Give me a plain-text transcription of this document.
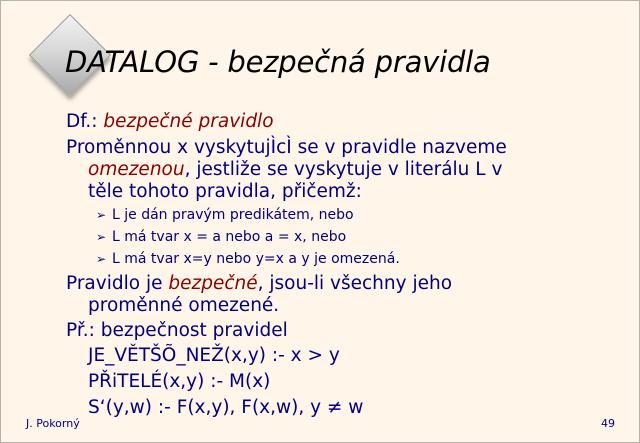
DATALOG - bezpečná pravidla
Df.: bezpečné pravidlo
Proměnnou x vyskytujÌcÌ se v pravidle nazveme
omezenou, jestliže se vyskytuje v literálu L v
těle tohoto pravidla, přičemž:
➢ L je dán pravým predikátem, nebo
➢ L má tvar x = a nebo a = x, nebo
➢ L má tvar x=y nebo y=x a y je omezená.
Pravidlo je bezpečné, jsou-li všechny jeho
proměnné omezené.
Př.: bezpečnost pravidel
JE_VĚTŠÕ_NEŽ(x,y) :- x > y
PŘiTELÉ(x,y) :- M(x)
S‘(y,w) :- F(x,y), F(x,w), y ≠ w
J. Pokorný	49
